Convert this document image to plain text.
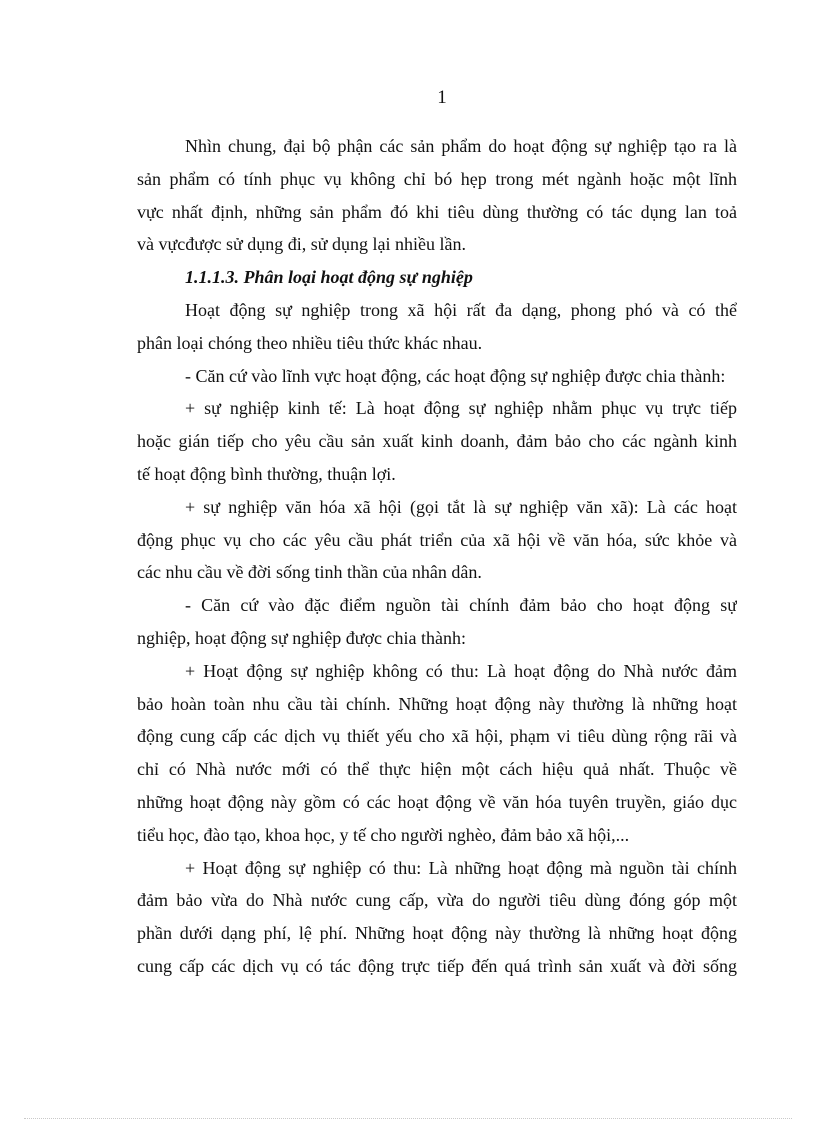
1
Nhìn chung, đại bộ phận các sản phẩm do hoạt động sự nghiệp tạo ra là
sản phẩm có tính phục vụ không chỉ bó hẹp trong mét ngành hoặc một lĩnh
vực nhất định, những sản phẩm đó khi tiêu dùng thường có tác dụng lan toả
và vựcđược sử dụng đi, sử dụng lại nhiều lần.
1.1.1.3. Phân loại hoạt động sự nghiệp
Hoạt động sự nghiệp trong xã hội rất đa dạng, phong phó và có thể
phân loại chóng theo nhiều tiêu thức khác nhau.
- Căn cứ vào lĩnh vực hoạt động, các hoạt động sự nghiệp được chia thành:
+ sự nghiệp kinh tế: Là hoạt động sự nghiệp nhằm phục vụ trực tiếp
hoặc gián tiếp cho yêu cầu sản xuất kinh doanh, đảm bảo cho các ngành kinh
tế hoạt động bình thường, thuận lợi.
+ sự nghiệp văn hóa xã hội (gọi tắt là sự nghiệp văn xã): Là các hoạt
động phục vụ cho các yêu cầu phát triển của xã hội về văn hóa, sức khỏe và
các nhu cầu về đời sống tinh thần của nhân dân.
- Căn cứ vào đặc điểm nguồn tài chính đảm bảo cho hoạt động sự
nghiệp, hoạt động sự nghiệp được chia thành:
+ Hoạt động sự nghiệp không có thu: Là hoạt động do Nhà nước đảm
bảo hoàn toàn nhu cầu tài chính. Những hoạt động này thường là những hoạt
động cung cấp các dịch vụ thiết yếu cho xã hội, phạm vi tiêu dùng rộng rãi và
chỉ có Nhà nước mới có thể thực hiện một cách hiệu quả nhất. Thuộc về
những hoạt động này gồm có các hoạt động về văn hóa tuyên truyền, giáo dục
tiểu học, đào tạo, khoa học, y tế cho người nghèo, đảm bảo xã hội,...
+ Hoạt động sự nghiệp có thu: Là những hoạt động mà nguồn tài chính
đảm bảo vừa do Nhà nước cung cấp, vừa do người tiêu dùng đóng góp một
phần dưới dạng phí, lệ phí. Những hoạt động này thường là những hoạt động
cung cấp các dịch vụ có tác động trực tiếp đến quá trình sản xuất và đời sống
